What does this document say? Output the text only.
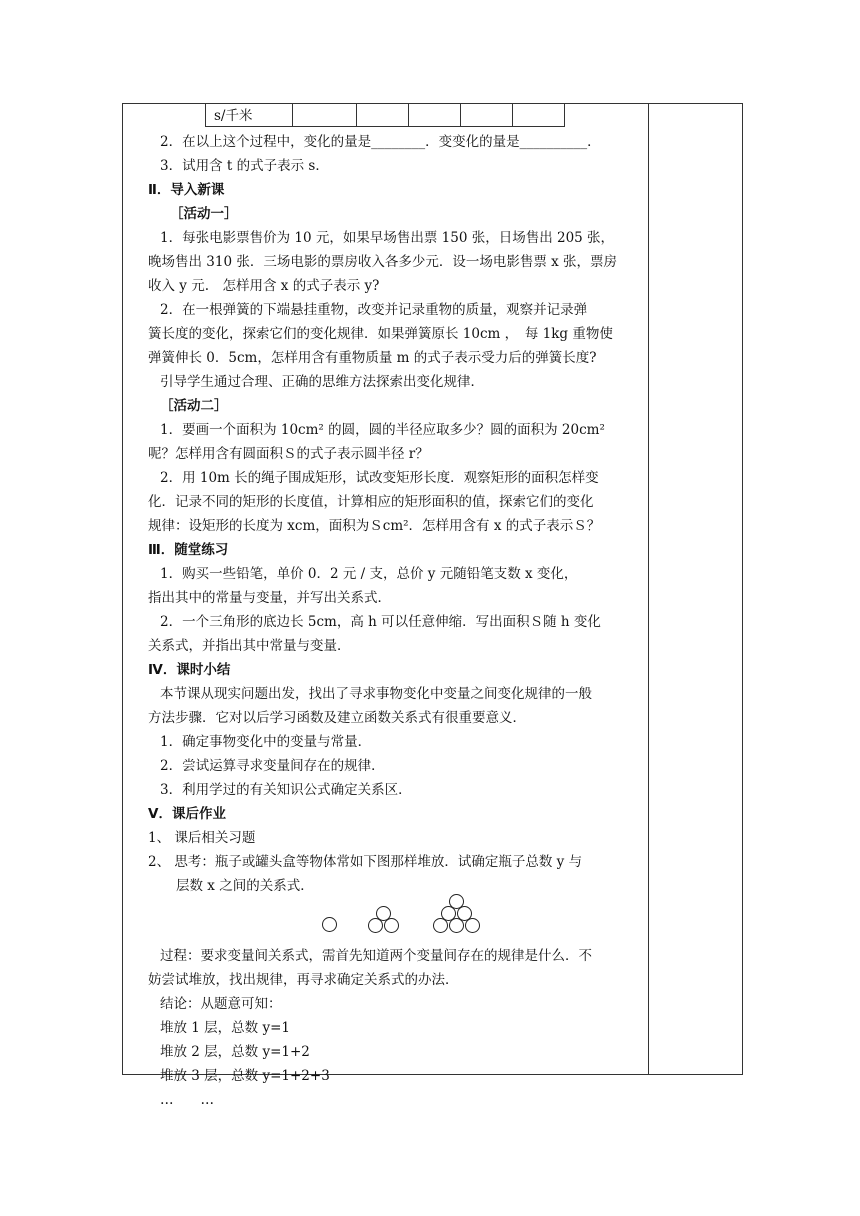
s/千米
2．在以上这个过程中，变化的量是________．变变化的量是__________．
3．试用含 t 的式子表示 s．
Ⅱ．导入新课
［活动一］
1．每张电影票售价为 10 元，如果早场售出票 150 张，日场售出 205 张，
晚场售出 310 张．三场电影的票房收入各多少元．设一场电影售票 x 张，票房
收入 y 元.　怎样用含 x 的式子表示 y?
2．在一根弹簧的下端悬挂重物，改变并记录重物的质量，观察并记录弹
簧长度的变化，探索它们的变化规律．如果弹簧原长 10cm ，　每 1kg 重物使
弹簧伸长 0．5cm，怎样用含有重物质量 m 的式子表示受力后的弹簧长度?
引导学生通过合理、正确的思维方法探索出变化规律．
［活动二］
1．要画一个面积为 10cm² 的圆，圆的半径应取多少？圆的面积为 20cm²
呢？怎样用含有圆面积Ｓ的式子表示圆半径 r？
2．用 10m 长的绳子围成矩形，试改变矩形长度．观察矩形的面积怎样变
化．记录不同的矩形的长度值，计算相应的矩形面积的值，探索它们的变化
规律：设矩形的长度为 xcm，面积为Ｓcm²．怎样用含有 x 的式子表示Ｓ？
Ⅲ．随堂练习
1．购买一些铅笔，单价 0．2 元 / 支，总价 y 元随铅笔支数 x 变化，
指出其中的常量与变量，并写出关系式．
2．一个三角形的底边长 5cm，高 h 可以任意伸缩．写出面积Ｓ随 h 变化
关系式，并指出其中常量与变量．
Ⅳ．课时小结
本节课从现实问题出发，找出了寻求事物变化中变量之间变化规律的一般
方法步骤．它对以后学习函数及建立函数关系式有很重要意义．
1．确定事物变化中的变量与常量．
2．尝试运算寻求变量间存在的规律．
3．利用学过的有关知识公式确定关系区．
Ⅴ．课后作业
1、 课后相关习题
2、 思考：瓶子或罐头盒等物体常如下图那样堆放．试确定瓶子总数 y 与
层数 x 之间的关系式．
过程：要求变量间关系式，需首先知道两个变量间存在的规律是什么．不
妨尝试堆放，找出规律，再寻求确定关系式的办法．
结论：从题意可知：
堆放 1 层，总数 y=1
堆放 2 层，总数 y=1+2
堆放 3 层，总数 y=1+2+3
…　　…
